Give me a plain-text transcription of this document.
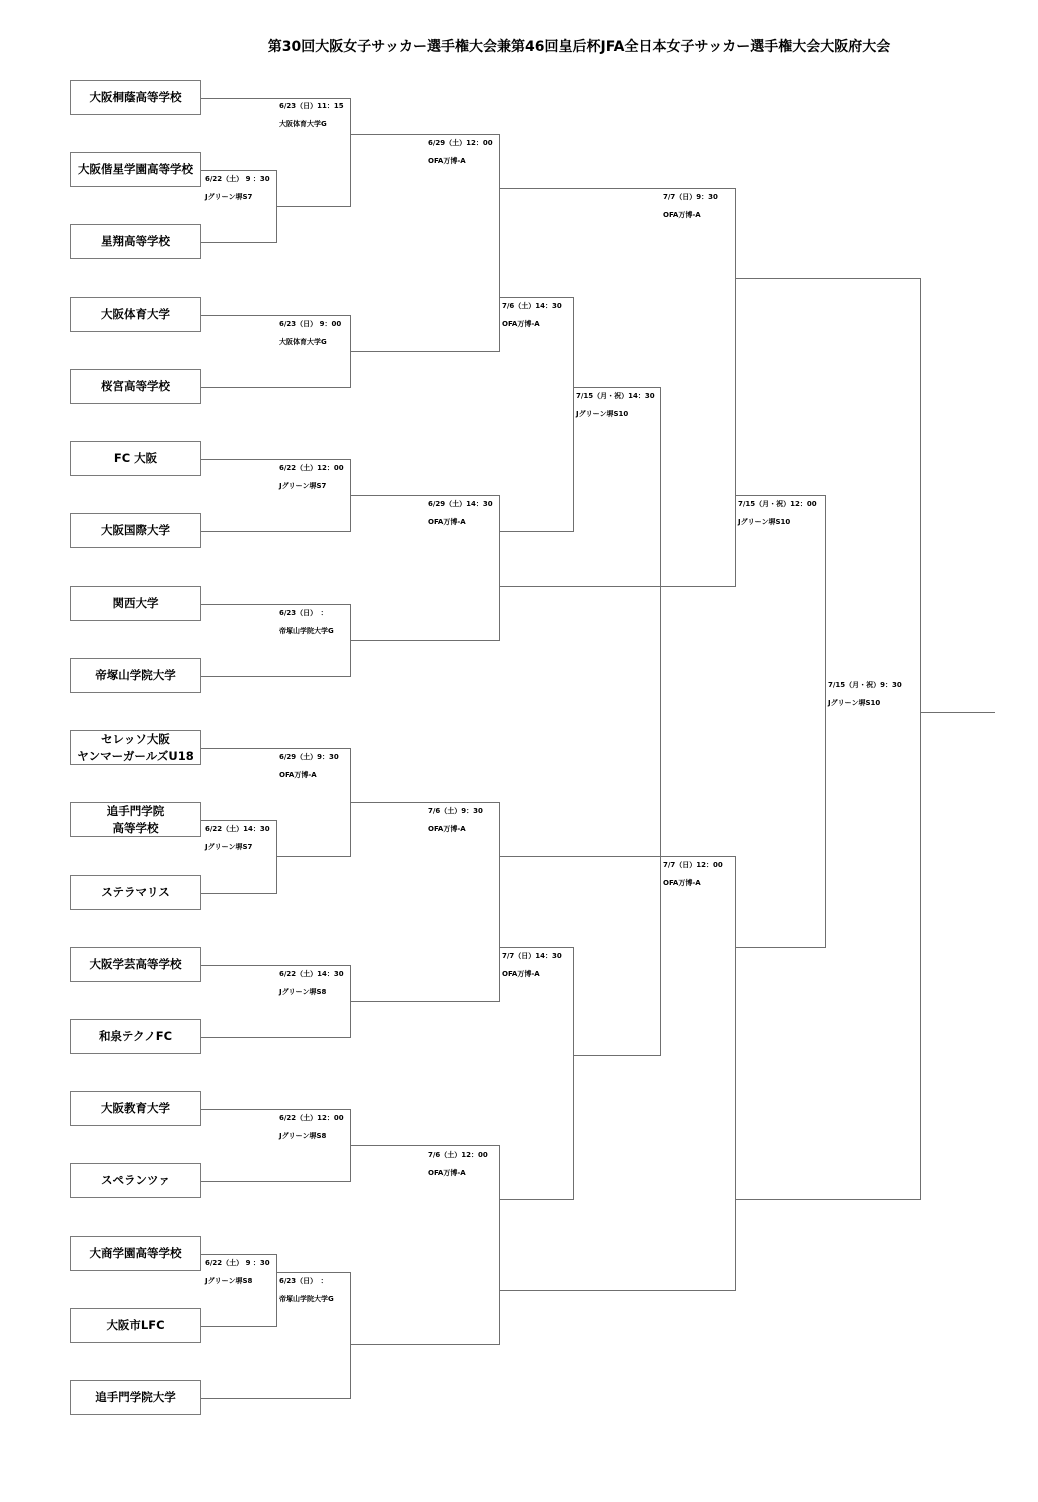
第30回大阪女子サッカー選手権大会兼第46回皇后杯JFA全日本女子サッカー選手権大会大阪府大会
大阪桐蔭高等学校
大阪偕星学園高等学校
星翔高等学校
大阪体育大学
桜宮高等学校
FC 大阪
大阪国際大学
関西大学
帝塚山学院大学
セレッソ大阪
ヤンマーガールズU18
追手門学院
高等学校
ステラマリス
大阪学芸高等学校
和泉テクノFC
大阪教育大学
スペランツァ
大商学園高等学校
大阪市LFC
追手門学院大学
6/23（日）11：15
大阪体育大学G
6/22（土） 9 ：30
Jグリーン堺S7
6/29（土）12：00
OFA万博-A
6/23（日） 9：00
大阪体育大学G
7/7（日）9：30
OFA万博-A
7/6（土）14：30
OFA万博-A
7/15（月・祝）14：30
Jグリーン堺S10
6/22（土）12：00
Jグリーン堺S7
6/29（土）14：30
OFA万博-A
7/15（月・祝）12：00
Jグリーン堺S10
6/23（日）　：
帝塚山学院大学G
7/15（月・祝）9：30
Jグリーン堺S10
6/29（土）9：30
OFA万博-A
7/6（土）9：30
OFA万博-A
6/22（土）14：30
Jグリーン堺S7
7/7（日）12：00
OFA万博-A
7/7（日）14：30
OFA万博-A
6/22（土）14：30
Jグリーン堺S8
6/22（土）12：00
Jグリーン堺S8
7/6（土）12：00
OFA万博-A
6/22（土） 9 ：30
Jグリーン堺S8	6/23（日）　：
帝塚山学院大学G
